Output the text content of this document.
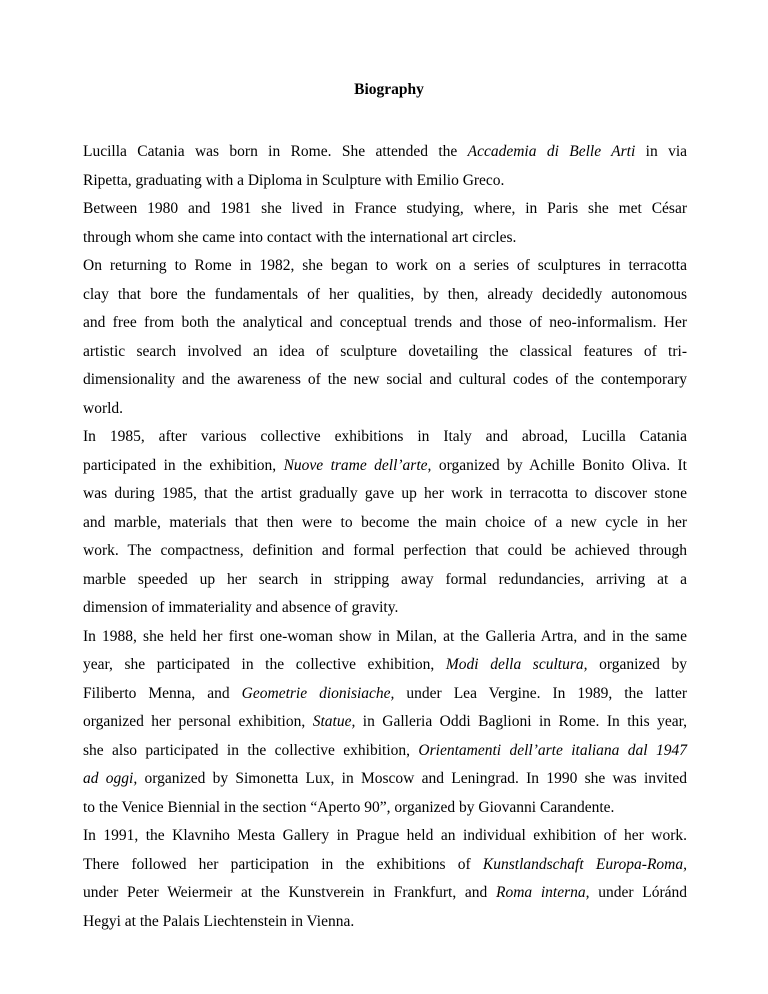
Biography

Lucilla Catania was born in Rome. She attended the Accademia di Belle Arti in via
Ripetta, graduating with a Diploma in Sculpture with Emilio Greco.

Between 1980 and 1981 she lived in France studying, where, in Paris she met César
through whom she came into contact with the international art circles.

On returning to Rome in 1982, she began to work on a series of sculptures in terracotta
clay that bore the fundamentals of her qualities, by then, already decidedly autonomous
and free from both the analytical and conceptual trends and those of neo-informalism. Her
artistic search involved an idea of sculpture dovetailing the classical features of tri-
dimensionality and the awareness of the new social and cultural codes of the contemporary
world.

In 1985, after various collective exhibitions in Italy and abroad, Lucilla Catania
participated in the exhibition, Nuove trame dell’arte, organized by Achille Bonito Oliva. It
was during 1985, that the artist gradually gave up her work in terracotta to discover stone
and marble, materials that then were to become the main choice of a new cycle in her
work. The compactness, definition and formal perfection that could be achieved through
marble speeded up her search in stripping away formal redundancies, arriving at a
dimension of immateriality and absence of gravity.

In 1988, she held her first one-woman show in Milan, at the Galleria Artra, and in the same
year, she participated in the collective exhibition, Modi della scultura, organized by
Filiberto Menna, and Geometrie dionisiache, under Lea Vergine. In 1989, the latter
organized her personal exhibition, Statue, in Galleria Oddi Baglioni in Rome. In this year,
she also participated in the collective exhibition, Orientamenti dell’arte italiana dal 1947
ad oggi, organized by Simonetta Lux, in Moscow and Leningrad. In 1990 she was invited
to the Venice Biennial in the section “Aperto 90”, organized by Giovanni Carandente.

In 1991, the Klavniho Mesta Gallery in Prague held an individual exhibition of her work.
There followed her participation in the exhibitions of Kunstlandschaft Europa-Roma,
under Peter Weiermeir at the Kunstverein in Frankfurt, and Roma interna, under Lóránd
Hegyi at the Palais Liechtenstein in Vienna.
